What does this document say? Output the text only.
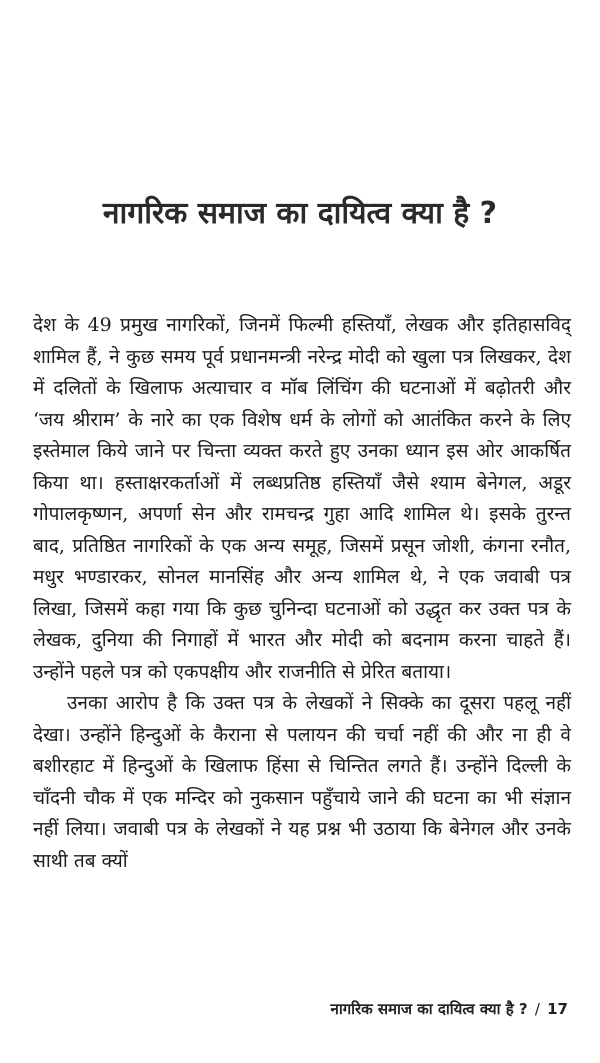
नागरिक समाज का दायित्व क्या है ?

देश के 49 प्रमुख नागरिकों, जिनमें फिल्मी हस्तियाँ, लेखक और इतिहासविद् शामिल हैं, ने कुछ समय पूर्व प्रधानमन्त्री नरेन्द्र मोदी को खुला पत्र लिखकर, देश में दलितों के खिलाफ अत्याचार व मॉब लिंचिंग की घटनाओं में बढ़ोतरी और ‘जय श्रीराम’ के नारे का एक विशेष धर्म के लोगों को आतंकित करने के लिए इस्तेमाल किये जाने पर चिन्ता व्यक्त करते हुए उनका ध्यान इस ओर आकर्षित किया था। हस्ताक्षरकर्ताओं में लब्धप्रतिष्ठ हस्तियाँ जैसे श्याम बेनेगल, अडूर गोपालकृष्णन, अपर्णा सेन और रामचन्द्र गुहा आदि शामिल थे। इसके तुरन्त बाद, प्रतिष्ठित नागरिकों के एक अन्य समूह, जिसमें प्रसून जोशी, कंगना रनौत, मधुर भण्डारकर, सोनल मानसिंह और अन्य शामिल थे, ने एक जवाबी पत्र लिखा, जिसमें कहा गया कि कुछ चुनिन्दा घटनाओं को उद्धृत कर उक्त पत्र के लेखक, दुनिया की निगाहों में भारत और मोदी को बदनाम करना चाहते हैं। उन्होंने पहले पत्र को एकपक्षीय और राजनीति से प्रेरित बताया।

उनका आरोप है कि उक्त पत्र के लेखकों ने सिक्के का दूसरा पहलू नहीं देखा। उन्होंने हिन्दुओं के कैराना से पलायन की चर्चा नहीं की और ना ही वे बशीरहाट में हिन्दुओं के खिलाफ हिंसा से चिन्तित लगते हैं। उन्होंने दिल्ली के चाँदनी चौक में एक मन्दिर को नुकसान पहुँचाये जाने की घटना का भी संज्ञान नहीं लिया। जवाबी पत्र के लेखकों ने यह प्रश्न भी उठाया कि बेनेगल और उनके साथी तब क्यों

नागरिक समाज का दायित्व क्या है ? / 17
